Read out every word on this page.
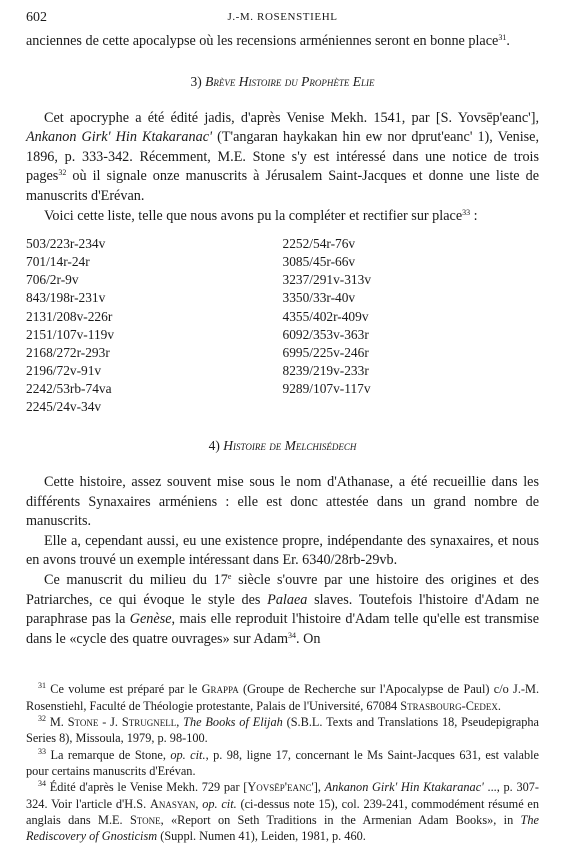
602	J.-M. ROSENSTIEHL

anciennes de cette apocalypse où les recensions arméniennes seront en bonne place$^{31}$.

3) Brève Histoire du Prophète Elie

Cet apocryphe a été édité jadis, d'après Venise Mekh. 1541, par [S. Yovsēp'eanc'], Ankanon Girk' Hin Ktakaranac' (T'angaran haykakan hin ew nor dprut'eanc' 1), Venise, 1896, p. 333-342. Récemment, M.E. Stone s'y est intéressé dans une notice de trois pages$^{32}$ où il signale onze manuscrits à Jérusalem Saint-Jacques et donne une liste de manuscrits d'Erévan.

Voici cette liste, telle que nous avons pu la compléter et rectifier sur place$^{33}$ :

503/223r-234v
701/14r-24r
706/2r-9v
843/198r-231v
2131/208v-226r
2151/107v-119v
2168/272r-293r
2196/72v-91v
2242/53rb-74va
2245/24v-34v
2252/54r-76v
3085/45r-66v
3237/291v-313v
3350/33r-40v
4355/402r-409v
6092/353v-363r
6995/225v-246r
8239/219v-233r
9289/107v-117v
4) Histoire de Melchisédech

Cette histoire, assez souvent mise sous le nom d'Athanase, a été recueillie dans les différents Synaxaires arméniens : elle est donc attestée dans un grand nombre de manuscrits.

Elle a, cependant aussi, eu une existence propre, indépendante des synaxaires, et nous en avons trouvé un exemple intéressant dans Er. 6340/28rb-29vb.

Ce manuscrit du milieu du 17e siècle s'ouvre par une histoire des origines et des Patriarches, ce qui évoque le style des Palaea slaves. Toutefois l'histoire d'Adam ne paraphrase pas la Genèse, mais elle reproduit l'histoire d'Adam telle qu'elle est transmise dans le «cycle des quatre ouvrages» sur Adam$^{34}$. On

$^{31}$ Ce volume est préparé par le Grappa (Groupe de Recherche sur l'Apocalypse de Paul) c/o J.-M. Rosenstiehl, Faculté de Théologie protestante, Palais de l'Université, 67084 Strasbourg-Cedex.

$^{32}$ M. Stone - J. Strugnell, The Books of Elijah (S.B.L. Texts and Translations 18, Pseudepigrapha Series 8), Missoula, 1979, p. 98-100.

$^{33}$ La remarque de Stone, op. cit., p. 98, ligne 17, concernant le Ms Saint-Jacques 631, est valable pour certains manuscrits d'Erévan.

$^{34}$ Édité d'après le Venise Mekh. 729 par [Yovsēp'eanc'], Ankanon Girk' Hin Ktakaranac' ..., p. 307-324. Voir l'article d'H.S. Anasyan, op. cit. (ci-dessus note 15), col. 239-241, commodément résumé en anglais dans M.E. Stone, «Report on Seth Traditions in the Armenian Adam Books», in The Rediscovery of Gnosticism (Suppl. Numen 41), Leiden, 1981, p. 460.
